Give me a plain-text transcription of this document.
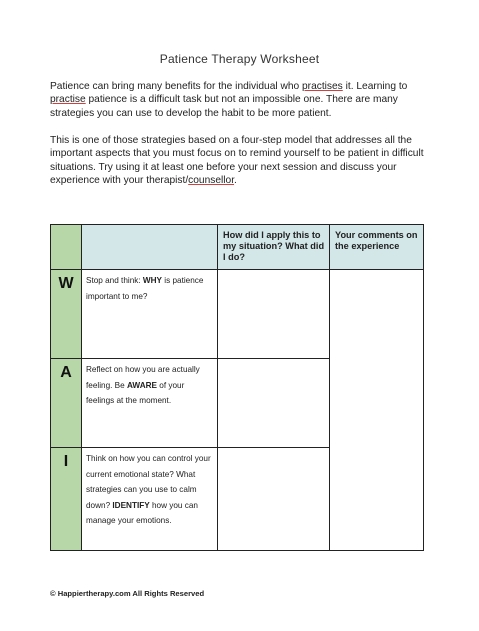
Patience Therapy Worksheet
Patience can bring many benefits for the individual who practises it. Learning to practise patience is a difficult task but not an impossible one. There are many strategies you can use to develop the habit to be more patient.
This is one of those strategies based on a four-step model that addresses all the important aspects that you must focus on to remind yourself to be patient in difficult situations. Try using it at least one before your next session and discuss your experience with your therapist/counsellor.

		How did I apply this to my situation? What did I do?	Your comments on the experience

W	Stop and think: WHY is patience important to me?		

A	Reflect on how you are actually feeling. Be AWARE of your feelings at the moment.		

I	Think on how you can control your current emotional state? What strategies can you use to calm down? IDENTIFY how you can manage your emotions.		

© Happiertherapy.com All Rights Reserved
